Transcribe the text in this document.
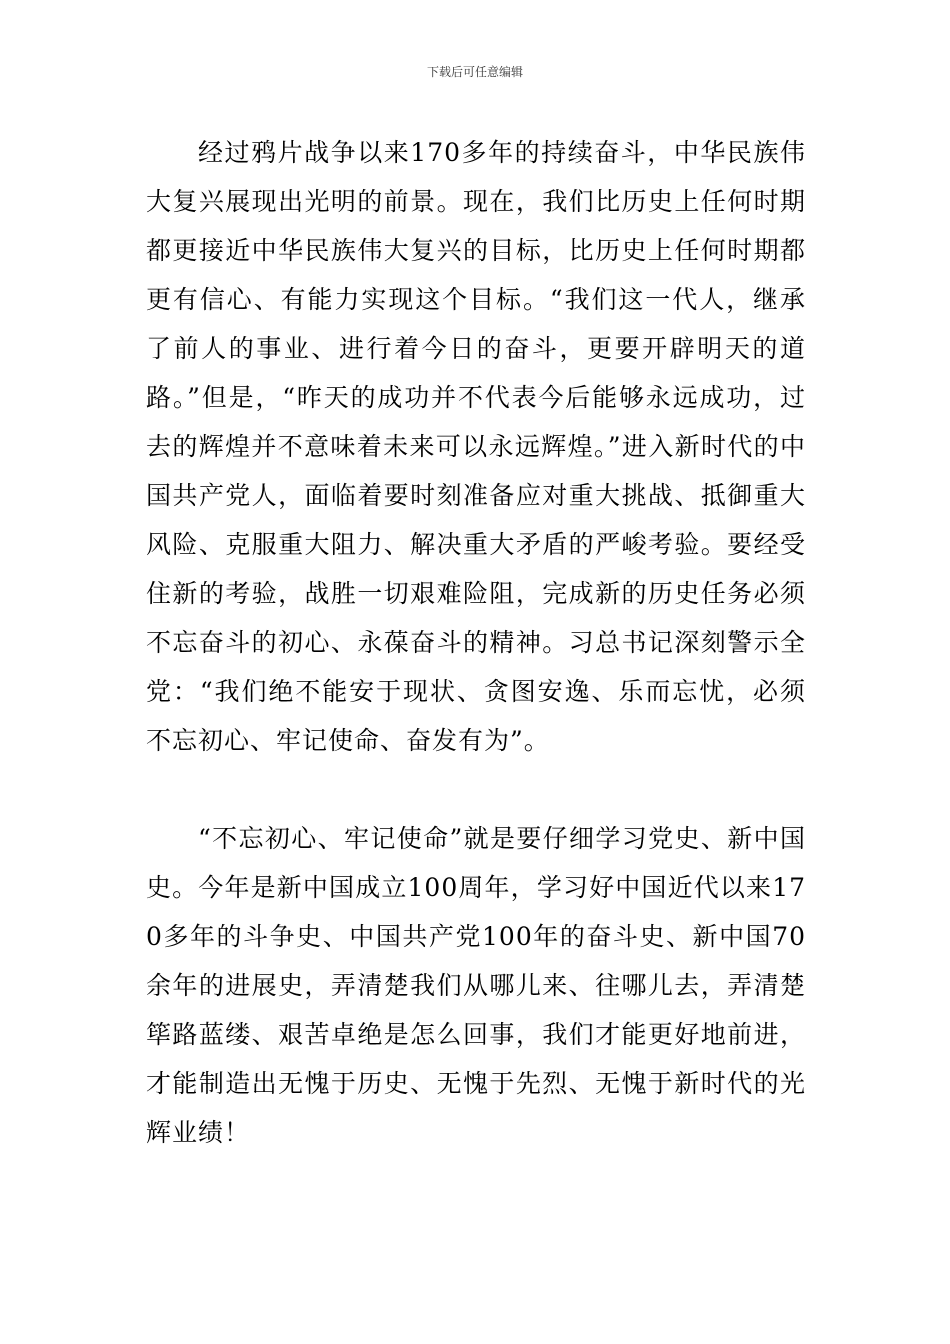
下载后可任意编辑

经过鸦片战争以来170多年的持续奋斗，中华民族伟大复兴展现出光明的前景。现在，我们比历史上任何时期都更接近中华民族伟大复兴的目标，比历史上任何时期都更有信心、有能力实现这个目标。“我们这一代人，继承了前人的事业、进行着今日的奋斗，更要开辟明天的道路。”但是，“昨天的成功并不代表今后能够永远成功，过去的辉煌并不意味着未来可以永远辉煌。”进入新时代的中国共产党人，面临着要时刻准备应对重大挑战、抵御重大风险、克服重大阻力、解决重大矛盾的严峻考验。要经受住新的考验，战胜一切艰难险阻，完成新的历史任务必须不忘奋斗的初心、永葆奋斗的精神。习总书记深刻警示全党：“我们绝不能安于现状、贪图安逸、乐而忘忧，必须不忘初心、牢记使命、奋发有为”。

“不忘初心、牢记使命”就是要仔细学习党史、新中国史。今年是新中国成立100周年，学习好中国近代以来170多年的斗争史、中国共产党100年的奋斗史、新中国70余年的进展史，弄清楚我们从哪儿来、往哪儿去，弄清楚筚路蓝缕、艰苦卓绝是怎么回事，我们才能更好地前进，才能制造出无愧于历史、无愧于先烈、无愧于新时代的光辉业绩！
